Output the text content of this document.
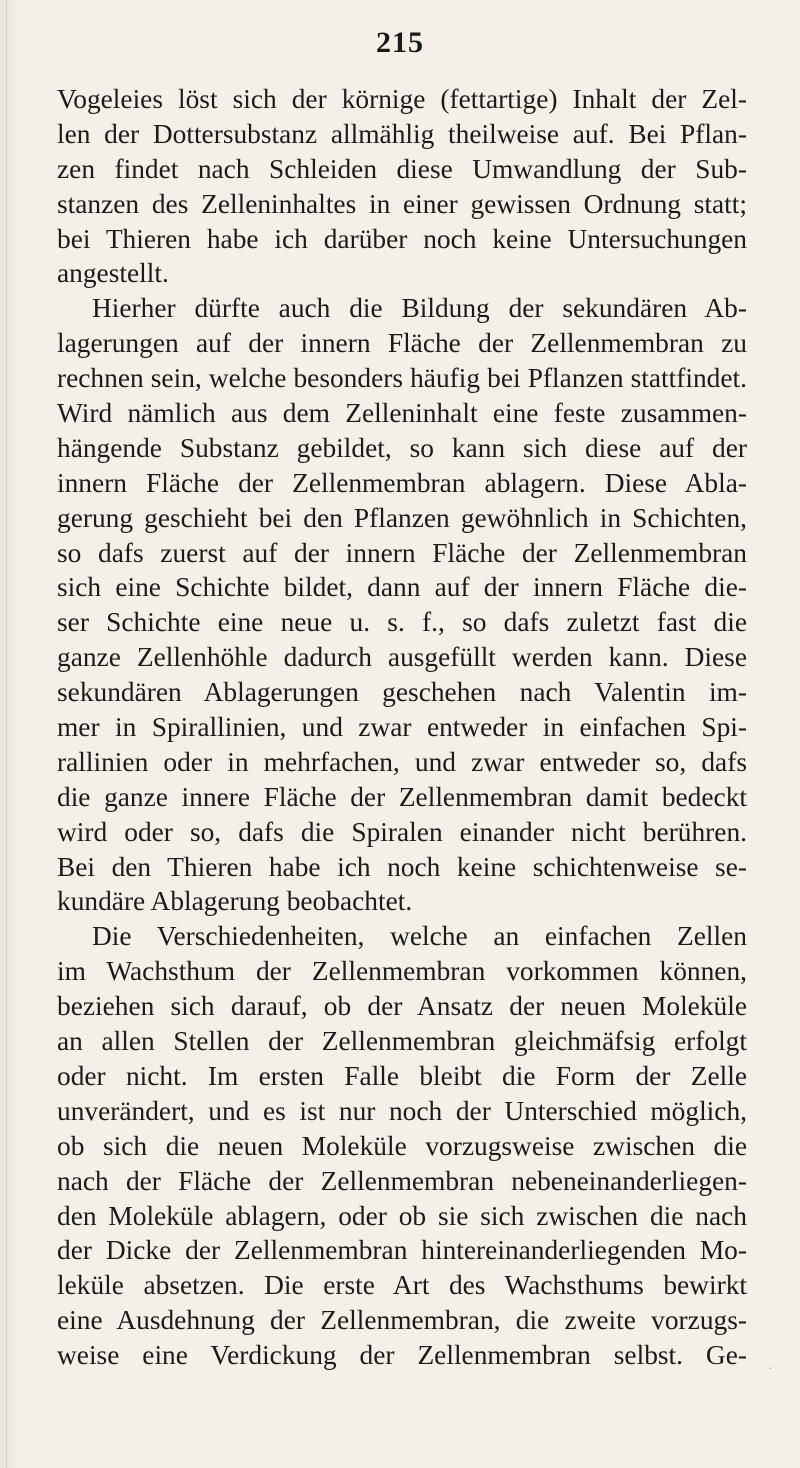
215
Vogeleies löst sich der körnige (fettartige) Inhalt der Zel-
len der Dottersubstanz allmählig theilweise auf. Bei Pflan-
zen findet nach Schleiden diese Umwandlung der Sub-
stanzen des Zelleninhaltes in einer gewissen Ordnung statt;
bei Thieren habe ich darüber noch keine Untersuchungen
angestellt.
Hierher dürfte auch die Bildung der sekundären Ab-
lagerungen auf der innern Fläche der Zellenmembran zu
rechnen sein, welche besonders häufig bei Pflanzen stattfindet.
Wird nämlich aus dem Zelleninhalt eine feste zusammen-
hängende Substanz gebildet, so kann sich diese auf der
innern Fläche der Zellenmembran ablagern. Diese Abla-
gerung geschieht bei den Pflanzen gewöhnlich in Schichten,
so dafs zuerst auf der innern Fläche der Zellenmembran
sich eine Schichte bildet, dann auf der innern Fläche die-
ser Schichte eine neue u. s. f., so dafs zuletzt fast die
ganze Zellenhöhle dadurch ausgefüllt werden kann. Diese
sekundären Ablagerungen geschehen nach Valentin im-
mer in Spirallinien, und zwar entweder in einfachen Spi-
rallinien oder in mehrfachen, und zwar entweder so, dafs
die ganze innere Fläche der Zellenmembran damit bedeckt
wird oder so, dafs die Spiralen einander nicht berühren.
Bei den Thieren habe ich noch keine schichtenweise se-
kundäre Ablagerung beobachtet.
Die Verschiedenheiten, welche an einfachen Zellen
im Wachsthum der Zellenmembran vorkommen können,
beziehen sich darauf, ob der Ansatz der neuen Moleküle
an allen Stellen der Zellenmembran gleichmäfsig erfolgt
oder nicht. Im ersten Falle bleibt die Form der Zelle
unverändert, und es ist nur noch der Unterschied möglich,
ob sich die neuen Moleküle vorzugsweise zwischen die
nach der Fläche der Zellenmembran nebeneinanderliegen-
den Moleküle ablagern, oder ob sie sich zwischen die nach
der Dicke der Zellenmembran hintereinanderliegenden Mo-
leküle absetzen. Die erste Art des Wachsthums bewirkt
eine Ausdehnung der Zellenmembran, die zweite vorzugs-
weise eine Verdickung der Zellenmembran selbst. Ge- ·
